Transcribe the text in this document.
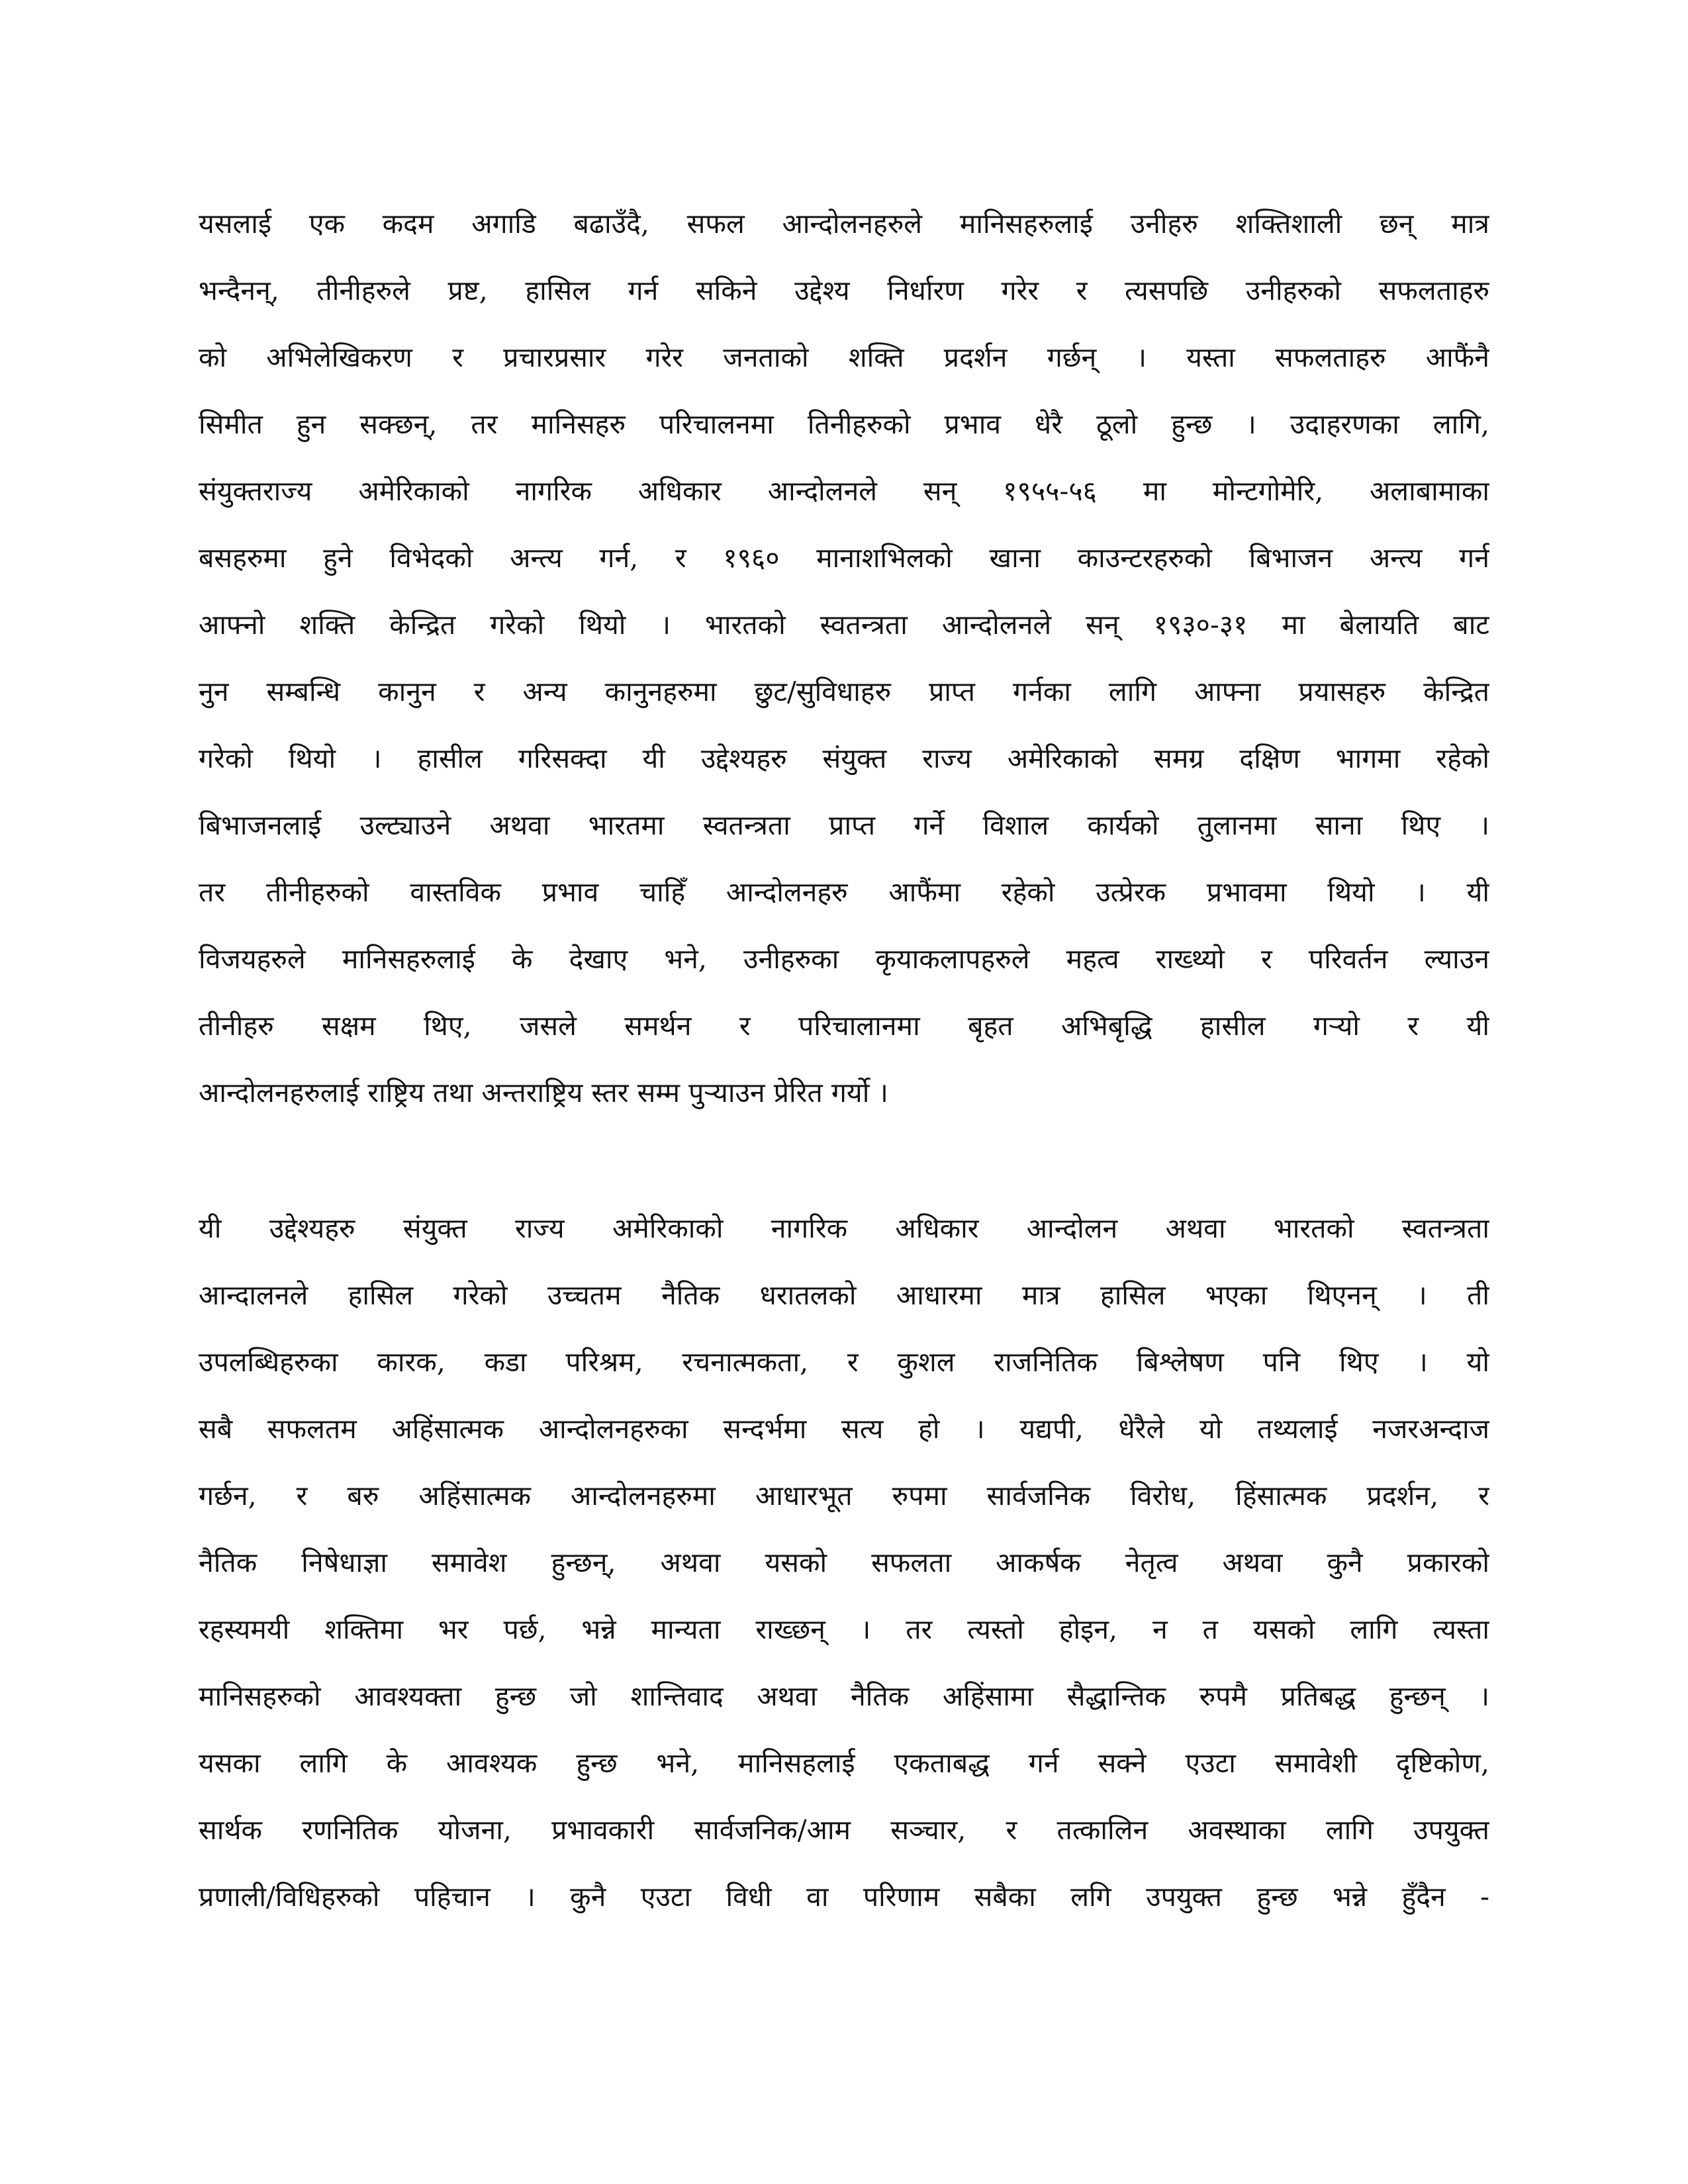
यसलाई एक कदम अगाडि बढाउँदै, सफल आन्दोलनहरुले मानिसहरुलाई उनीहरु शक्तिशाली छन् मात्र
भन्दैनन्, तीनीहरुले प्रष्ट, हासिल गर्न सकिने उद्देश्य निर्धारण गरेर र त्यसपछि उनीहरुको सफलताहरु
को अभिलेखिकरण र प्रचारप्रसार गरेर जनताको शक्ति प्रदर्शन गर्छन् । यस्ता सफलताहरु आफैंनै
सिमीत हुन सक्छन्, तर मानिसहरु परिचालनमा तिनीहरुको प्रभाव धेरै ठूलो हुन्छ । उदाहरणका लागि,
संयुक्तराज्य अमेरिकाको नागरिक अधिकार आन्दोलनले सन् १९५५-५६ मा मोन्टगोमेरि, अलाबामाका
बसहरुमा हुने विभेदको अन्त्य गर्न, र १९६० मानाशभिलको खाना काउन्टरहरुको बिभाजन अन्त्य गर्न
आफ्नो शक्ति केन्द्रित गरेको थियो । भारतको स्वतन्त्रता आन्दोलनले सन् १९३०-३१ मा बेलायति बाट
नुन सम्बन्धि कानुन र अन्य कानुनहरुमा छुट/सुविधाहरु प्राप्त गर्नका लागि आफ्ना प्रयासहरु केन्द्रित
गरेको थियो । हासील गरिसक्दा यी उद्देश्यहरु संयुक्त राज्य अमेरिकाको समग्र दक्षिण भागमा रहेको
बिभाजनलाई उल्ट्याउने अथवा भारतमा स्वतन्त्रता प्राप्त गर्ने विशाल कार्यको तुलानमा साना थिए ।
तर तीनीहरुको वास्तविक प्रभाव चाहिँ आन्दोलनहरु आफैंमा रहेको उत्प्रेरक प्रभावमा थियो । यी
विजयहरुले मानिसहरुलाई के देखाए भने, उनीहरुका कृयाकलापहरुले महत्व राख्थ्यो र परिवर्तन ल्याउन
तीनीहरु सक्षम थिए, जसले समर्थन र परिचालानमा बृहत अभिबृद्धि हासील गऱ्यो र यी
आन्दोलनहरुलाई राष्ट्रिय तथा अन्तराष्ट्रिय स्तर सम्म पुऱ्याउन प्रेरित गर्यो ।
यी उद्देश्यहरु संयुक्त राज्य अमेरिकाको नागरिक अधिकार आन्दोलन अथवा भारतको स्वतन्त्रता
आन्दालनले हासिल गरेको उच्चतम नैतिक धरातलको आधारमा मात्र हासिल भएका थिएनन् । ती
उपलब्धिहरुका कारक, कडा परिश्रम, रचनात्मकता, र कुशल राजनितिक बिश्लेषण पनि थिए । यो
सबै सफलतम अहिंसात्मक आन्दोलनहरुका सन्दर्भमा सत्य हो । यद्यपी, धेरैले यो तथ्यलाई नजरअन्दाज
गर्छन, र बरु अहिंसात्मक आन्दोलनहरुमा आधारभूत रुपमा सार्वजनिक विरोध, हिंसात्मक प्रदर्शन, र
नैतिक निषेधाज्ञा समावेश हुन्छन्, अथवा यसको सफलता आकर्षक नेतृत्व अथवा कुनै प्रकारको
रहस्यमयी शक्तिमा भर पर्छ, भन्ने मान्यता राख्छन् । तर त्यस्तो होइन, न त यसको लागि त्यस्ता
मानिसहरुको आवश्यक्ता हुन्छ जो शान्तिवाद अथवा नैतिक अहिंसामा सैद्धान्तिक रुपमै प्रतिबद्ध हुन्छन् ।
यसका लागि के आवश्यक हुन्छ भने, मानिसहलाई एकताबद्ध गर्न सक्ने एउटा समावेशी दृष्टिकोण,
सार्थक रणनितिक योजना, प्रभावकारी सार्वजनिक/आम सञ्चार, र तत्कालिन अवस्थाका लागि उपयुक्त
प्रणाली/विधिहरुको पहिचान । कुनै एउटा विधी वा परिणाम सबैका लगि उपयुक्त हुन्छ भन्ने हुँदैन -
